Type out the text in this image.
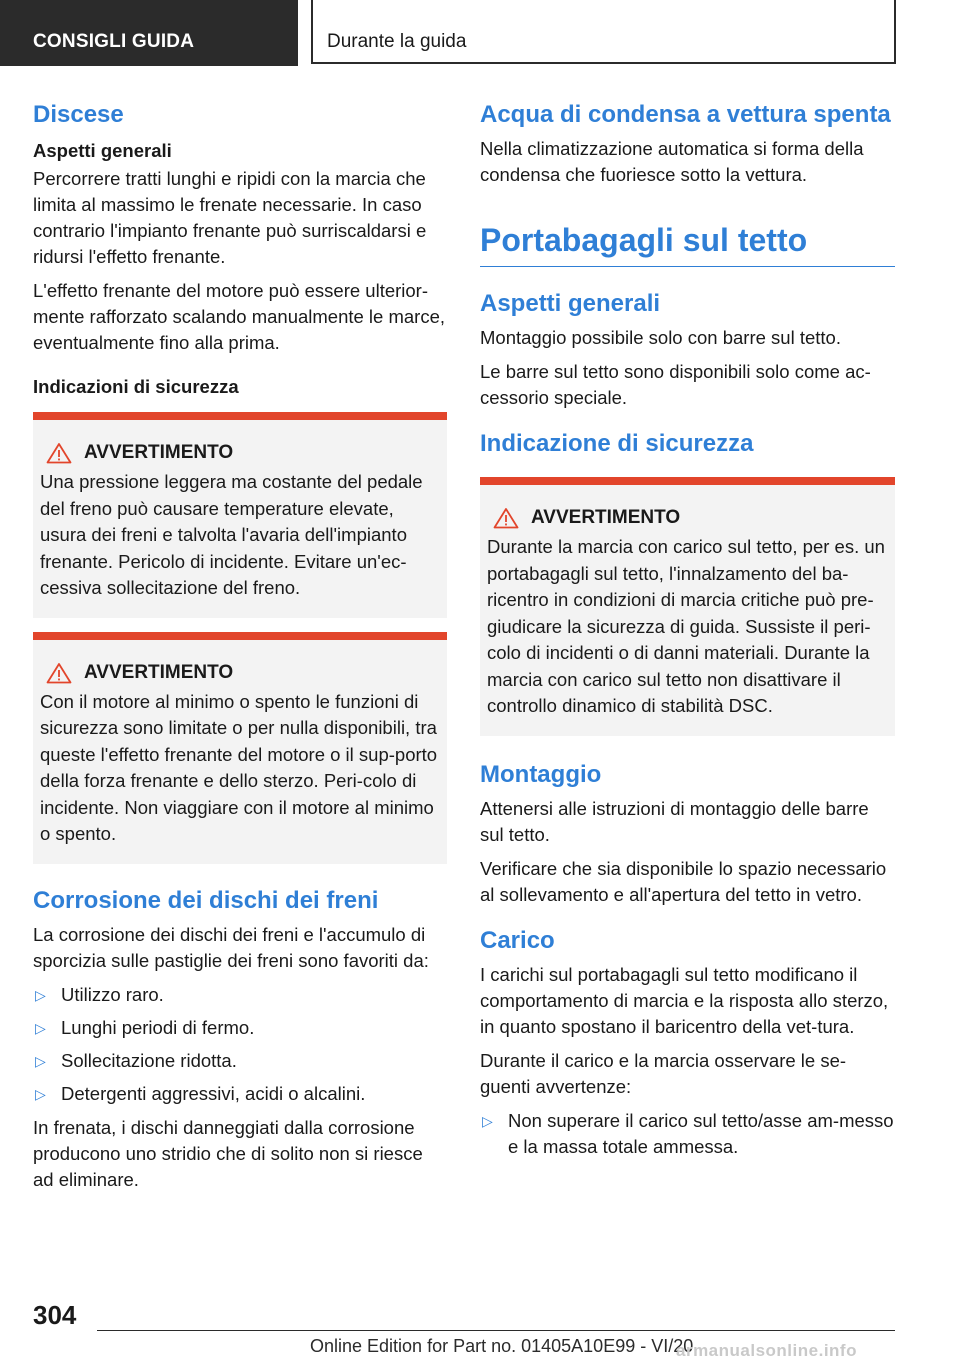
CONSIGLI GUIDA	Durante la guida
Discese
Aspetti generali

Percorrere tratti lunghi e ripidi con la marcia che limita al massimo le frenate necessarie. In caso contrario l'impianto frenante può surriscaldarsi e ridursi l'effetto frenante.

L'effetto frenante del motore può essere ulterior-mente rafforzato scalando manualmente le marce, eventualmente fino alla prima.

Indicazioni di sicurezza
AVVERTIMENTO

Una pressione leggera ma costante del pedale del freno può causare temperature elevate, usura dei freni e talvolta l'avaria dell'impianto frenante. Pericolo di incidente. Evitare un'ec-cessiva sollecitazione del freno.

AVVERTIMENTO

Con il motore al minimo o spento le funzioni di sicurezza sono limitate o per nulla disponibili, tra queste l'effetto frenante del motore o il sup-porto della forza frenante e dello sterzo. Peri-colo di incidente. Non viaggiare con il motore al minimo o spento.

Corrosione dei dischi dei freni

La corrosione dei dischi dei freni e l'accumulo di sporcizia sulle pastiglie dei freni sono favoriti da:

▷ Utilizzo raro.
▷ Lunghi periodi di fermo.
▷ Sollecitazione ridotta.
▷ Detergenti aggressivi, acidi o alcalini.

In frenata, i dischi danneggiati dalla corrosione producono uno stridio che di solito non si riesce ad eliminare.

Acqua di condensa a vettura spenta

Nella climatizzazione automatica si forma della condensa che fuoriesce sotto la vettura.

Portabagagli sul tetto
Aspetti generali

Montaggio possibile solo con barre sul tetto.

Le barre sul tetto sono disponibili solo come ac-cessorio speciale.

Indicazione di sicurezza
AVVERTIMENTO

Durante la marcia con carico sul tetto, per es. un portabagagli sul tetto, l'innalzamento del ba-ricentro in condizioni di marcia critiche può pre-giudicare la sicurezza di guida. Sussiste il peri-colo di incidenti o di danni materiali. Durante la marcia con carico sul tetto non disattivare il controllo dinamico di stabilità DSC.

Montaggio

Attenersi alle istruzioni di montaggio delle barre sul tetto.

Verificare che sia disponibile lo spazio necessario al sollevamento e all'apertura del tetto in vetro.

Carico

I carichi sul portabagagli sul tetto modificano il comportamento di marcia e la risposta allo sterzo, in quanto spostano il baricentro della vet-tura.

Durante il carico e la marcia osservare le se-guenti avvertenze:

▷ Non superare il carico sul tetto/asse am-messo e la massa totale ammessa.
304
Online Edition for Part no. 01405A10E99 - VI/20
armanualsonline.info
